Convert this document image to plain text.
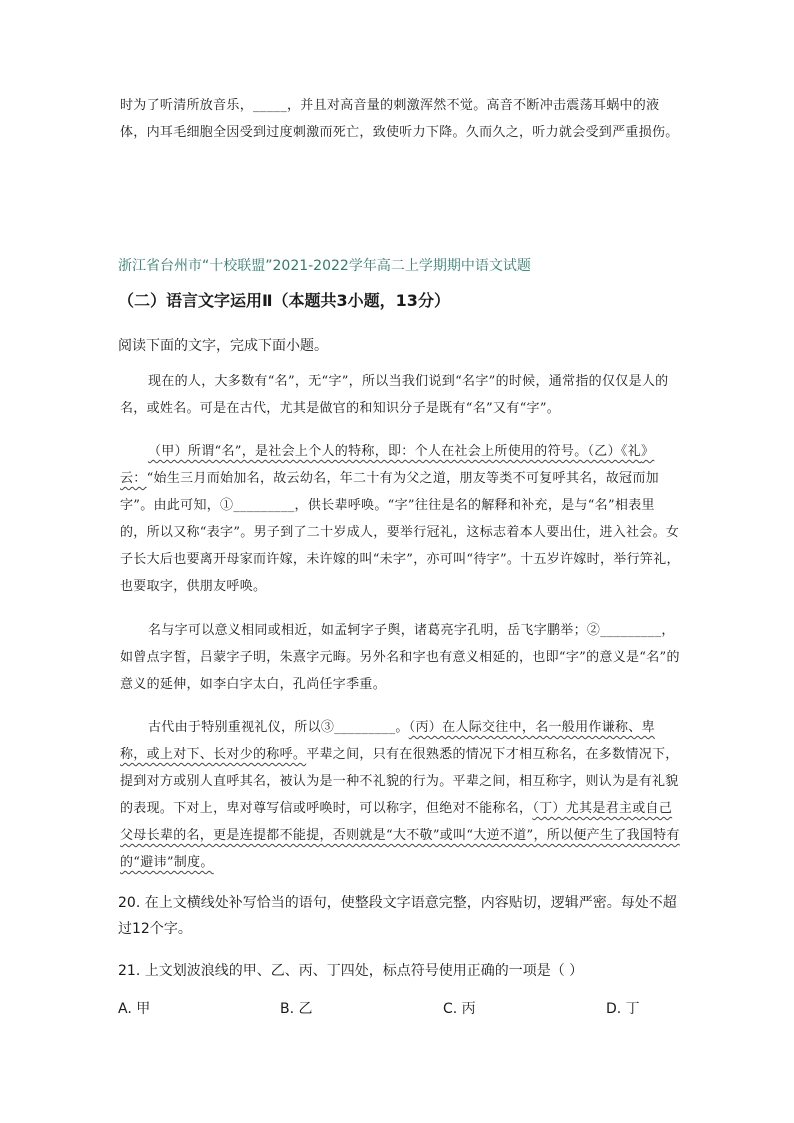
时为了听清所放音乐，_____，并且对高音量的刺激浑然不觉。高音不断冲击震荡耳蜗中的液体，内耳毛细胞全因受到过度刺激而死亡，致使听力下降。久而久之，听力就会受到严重损伤。

浙江省台州市“十校联盟”2021-2022学年高二上学期期中语文试题
（二）语言文字运用Ⅱ（本题共3小题，13分）
阅读下面的文字，完成下面小题。

现在的人，大多数有“名”，无“字”，所以当我们说到“名字”的时候，通常指的仅仅是人的名，或姓名。可是在古代，尤其是做官的和知识分子是既有“名”又有“字”。

（甲）所谓“名”，是社会上个人的特称，即：个人在社会上所使用的符号。（乙）《礼》云：“始生三月而始加名，故云幼名，年二十有为父之道，朋友等类不可复呼其名，故冠而加字”。由此可知，①_________，供长辈呼唤。“字”往往是名的解释和补充，是与“名”相表里的，所以又称“表字”。男子到了二十岁成人，要举行冠礼，这标志着本人要出仕，进入社会。女子长大后也要离开母家而许嫁，未许嫁的叫“未字”，亦可叫“待字”。十五岁许嫁时，举行笄礼，也要取字，供朋友呼唤。

名与字可以意义相同或相近，如孟轲字子舆，诸葛亮字孔明，岳飞字鹏举；②_________，如曾点字皙，吕蒙字子明，朱熹字元晦。另外名和字也有意义相延的，也即“字”的意义是“名”的意义的延伸，如李白字太白，孔尚任字季重。

古代由于特别重视礼仪，所以③_________。（丙）在人际交往中，名一般用作谦称、卑称，或上对下、长对少的称呼。平辈之间，只有在很熟悉的情况下才相互称名，在多数情况下，提到对方或别人直呼其名，被认为是一种不礼貌的行为。平辈之间，相互称字，则认为是有礼貌的表现。下对上，卑对尊写信或呼唤时，可以称字，但绝对不能称名，（丁）尤其是君主或自己父母长辈的名，更是连提都不能提，否则就是“大不敬”或叫“大逆不道”，所以便产生了我国特有的“避讳”制度。

20. 在上文横线处补写恰当的语句，使整段文字语意完整，内容贴切，逻辑严密。每处不超过12个字。

21. 上文划波浪线的甲、乙、丙、丁四处，标点符号使用正确的一项是（ ）

A. 甲	B. 乙	C. 丙	D. 丁
